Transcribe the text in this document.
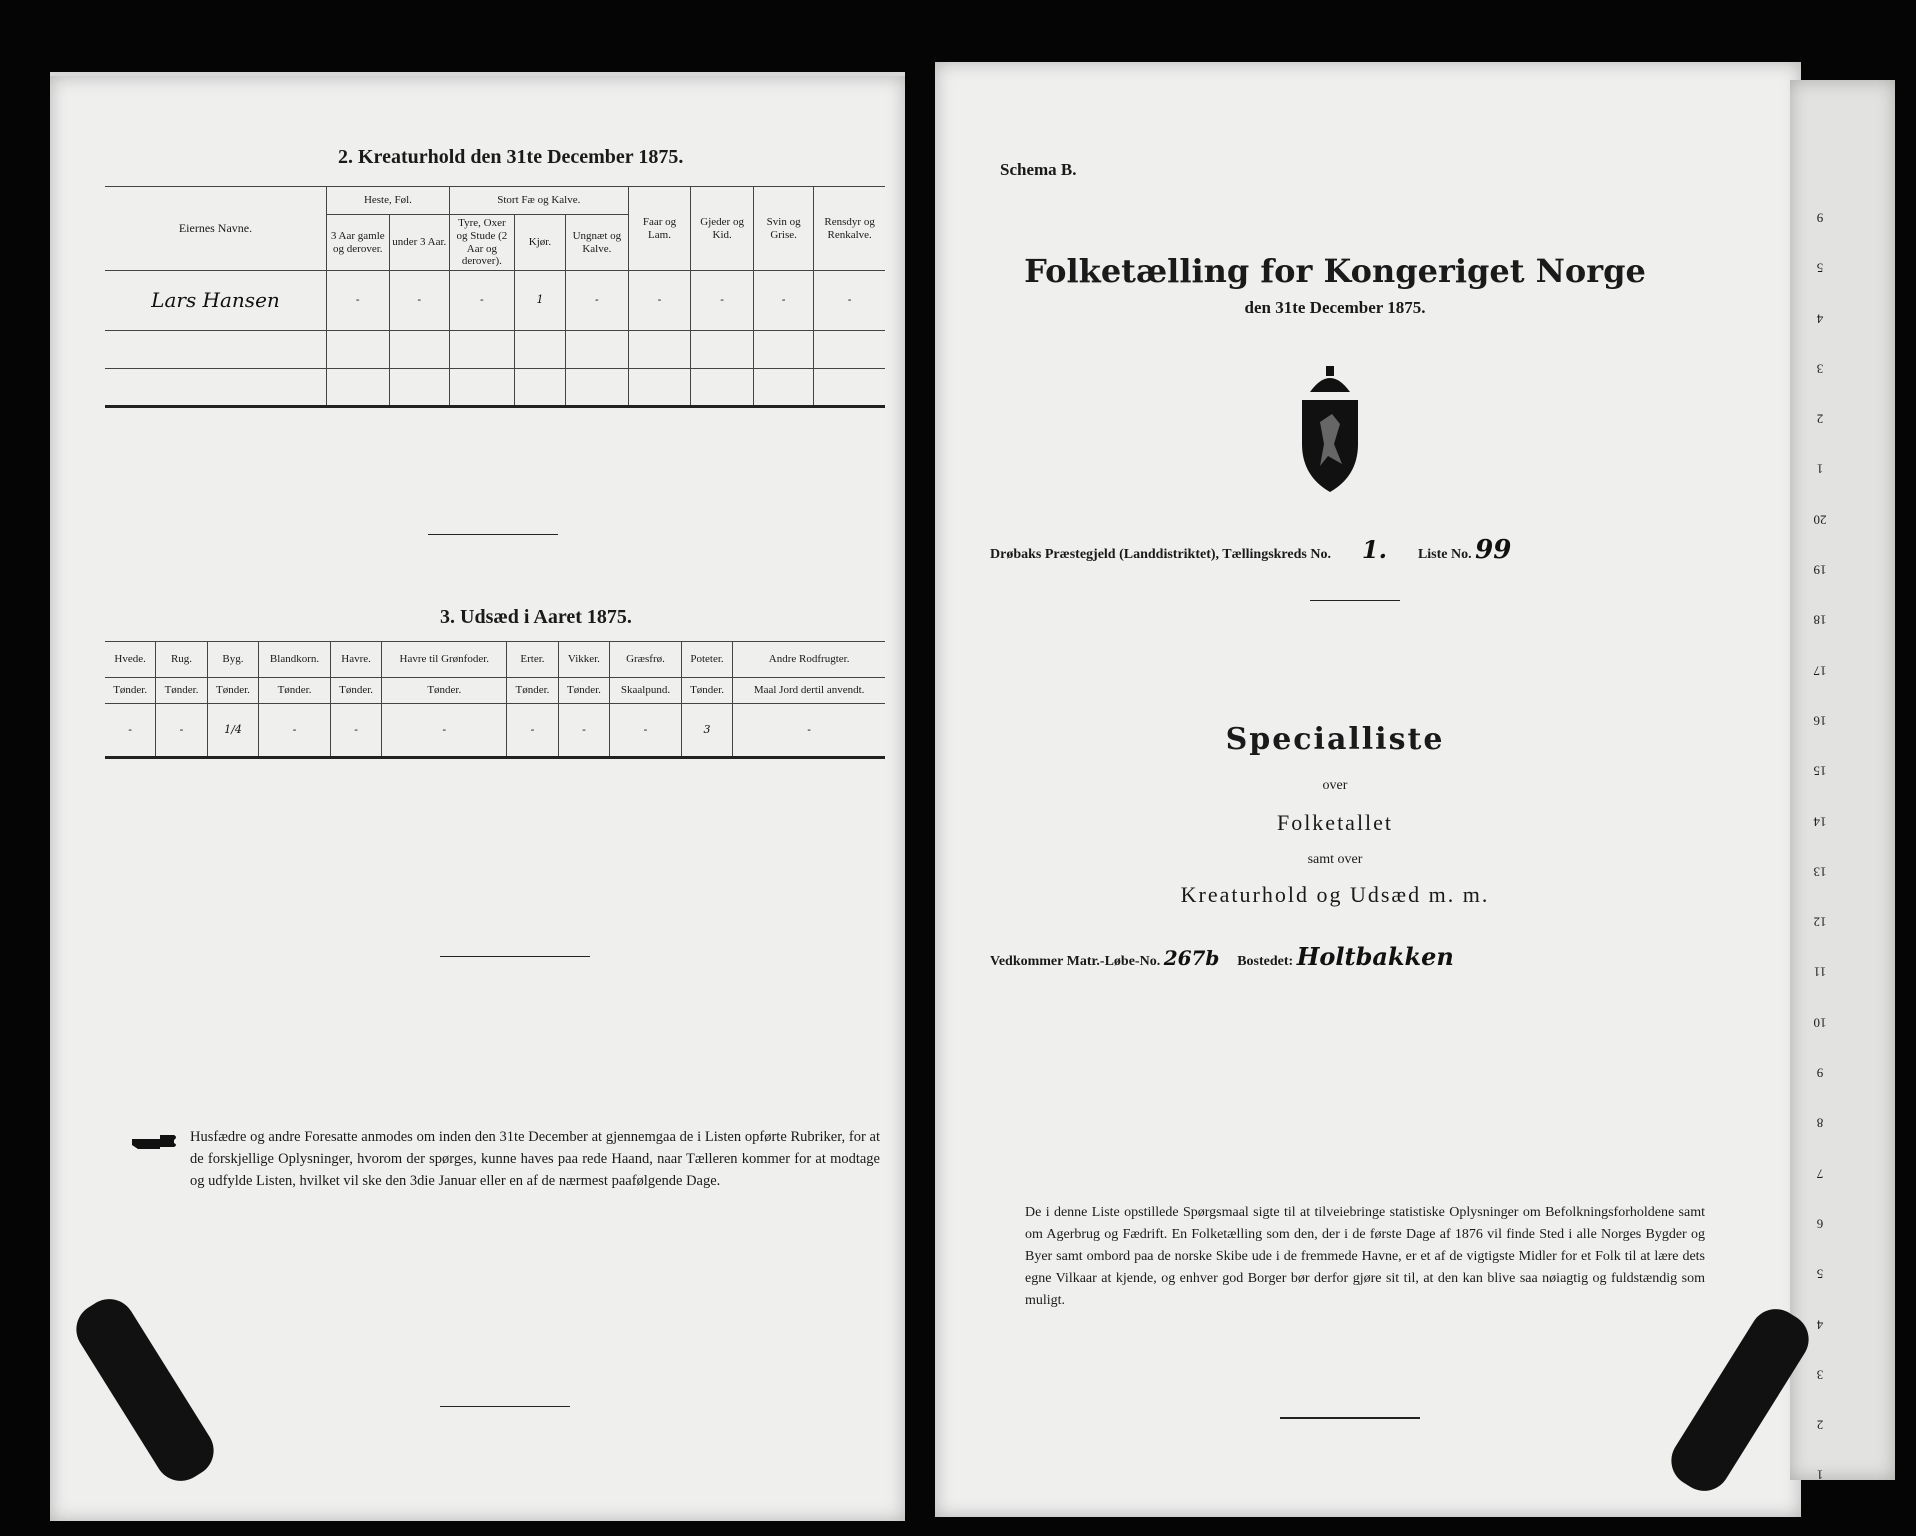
2. Kreaturhold den 31te December 1875.
Eiernes Navne.	Heste, Føl.		Stort Fæ og Kalve.			Faar og Lam.	Gjeder og Kid.	Svin og Grise.	Rensdyr og Renkalve.
	3 Aar gamle og derover.	under 3 Aar.	Tyre, Oxer og Stude (2 Aar og derover).	Kjør.	Ungnæt og Kalve.				
Lars Hansen	-	-	-	1	-	-	-	-	-

3. Udsæd i Aaret 1875.
Hvede.	Rug.	Byg.	Blandkorn.	Havre.	Havre til Grønfoder.	Erter.	Vikker.	Græsfrø.	Poteter.	Andre Rodfrugter.
Tønder.	Tønder.	Tønder.	Tønder.	Tønder.	Tønder.	Tønder.	Tønder.	Skaalpund.	Tønder.	Maal Jord dertil anvendt.
-	-	1/4	-	-	-	-	-	-	3	-
Husfædre og andre Foresatte anmodes om inden den 31te December at gjennemgaa de i Listen opførte Rubriker, for at de forskjellige Oplysninger, hvorom der spørges, kunne haves paa rede Haand, naar Tælleren kommer for at modtage og udfylde Listen, hvilket vil ske den 3die Januar eller en af de nærmest paafølgende Dage.
Schema B.
Folketælling for Kongeriget Norge
den 31te December 1875.
Drøbaks Præstegjeld (Landdistriktet), Tællingskreds No. 1. Liste No. 99
Specialliste
over
Folketallet
samt over
Kreaturhold og Udsæd m. m.
Vedkommer Matr.-Løbe-No. 267b Bostedet: Holtbakken
De i denne Liste opstillede Spørgsmaal sigte til at tilveiebringe statistiske Oplysninger om Befolkningsforholdene samt om Agerbrug og Fædrift. En Folketælling som den, der i de første Dage af 1876 vil finde Sted i alle Norges Bygder og Byer samt ombord paa de norske Skibe ude i de fremmede Havne, er et af de vigtigste Midler for et Folk til at lære dets egne Vilkaar at kjende, og enhver god Borger bør derfor gjøre sit til, at den kan blive saa nøiagtig og fuldstændig som muligt.
9
5
4
3
2
1
20
19
18
17
16
15
14
13
12
11
10
9
8
7
6
5
4
3
2
1
